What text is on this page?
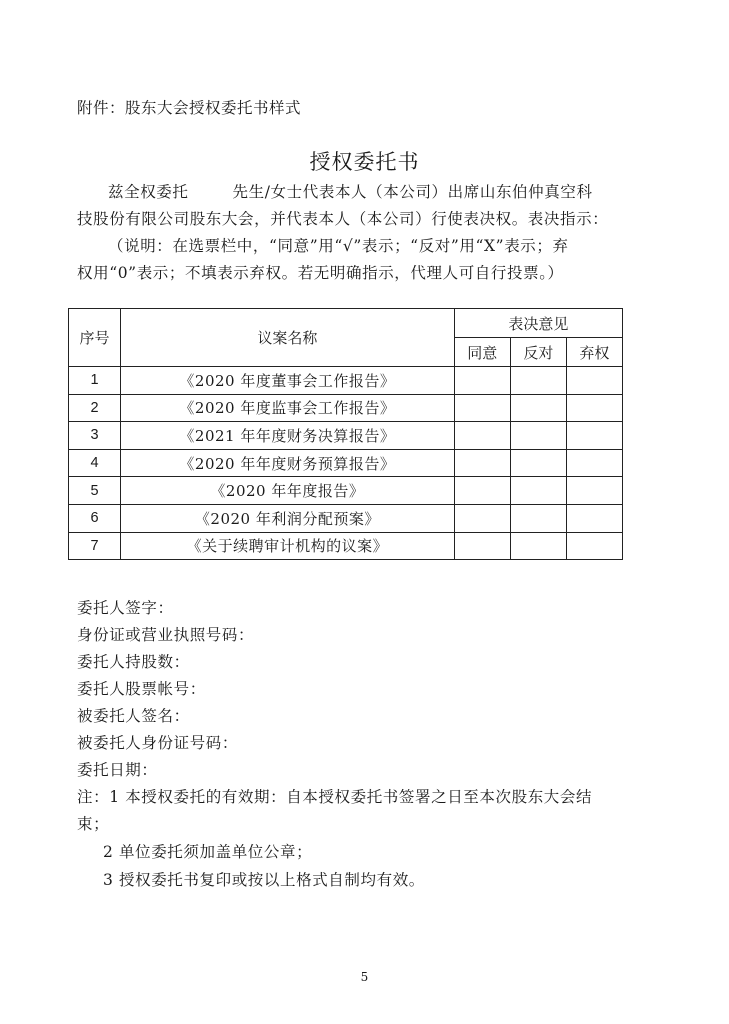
附件：股东大会授权委托书样式
授权委托书
兹全权委托	先生/女士代表本人（本公司）出席山东伯仲真空科
技股份有限公司股东大会，并代表本人（本公司）行使表决权。表决指示：
（说明：在选票栏中，“同意”用“√”表示；“反对”用“X”表示；弃
权用“0”表示；不填表示弃权。若无明确指示，代理人可自行投票。）
序号	议案名称	表决意见		
		同意	反对	弃权
1	《2020 年度董事会工作报告》			
2	《2020 年度监事会工作报告》			
3	《2021 年年度财务决算报告》			
4	《2020 年年度财务预算报告》			
5	《2020 年年度报告》			
6	《2020 年利润分配预案》			
7	《关于续聘审计机构的议案》			
委托人签字：
身份证或营业执照号码：
委托人持股数：
委托人股票帐号：
被委托人签名：
被委托人身份证号码：
委托日期：
注：1 本授权委托的有效期：自本授权委托书签署之日至本次股东大会结
束；
2 单位委托须加盖单位公章；
3 授权委托书复印或按以上格式自制均有效。
5
